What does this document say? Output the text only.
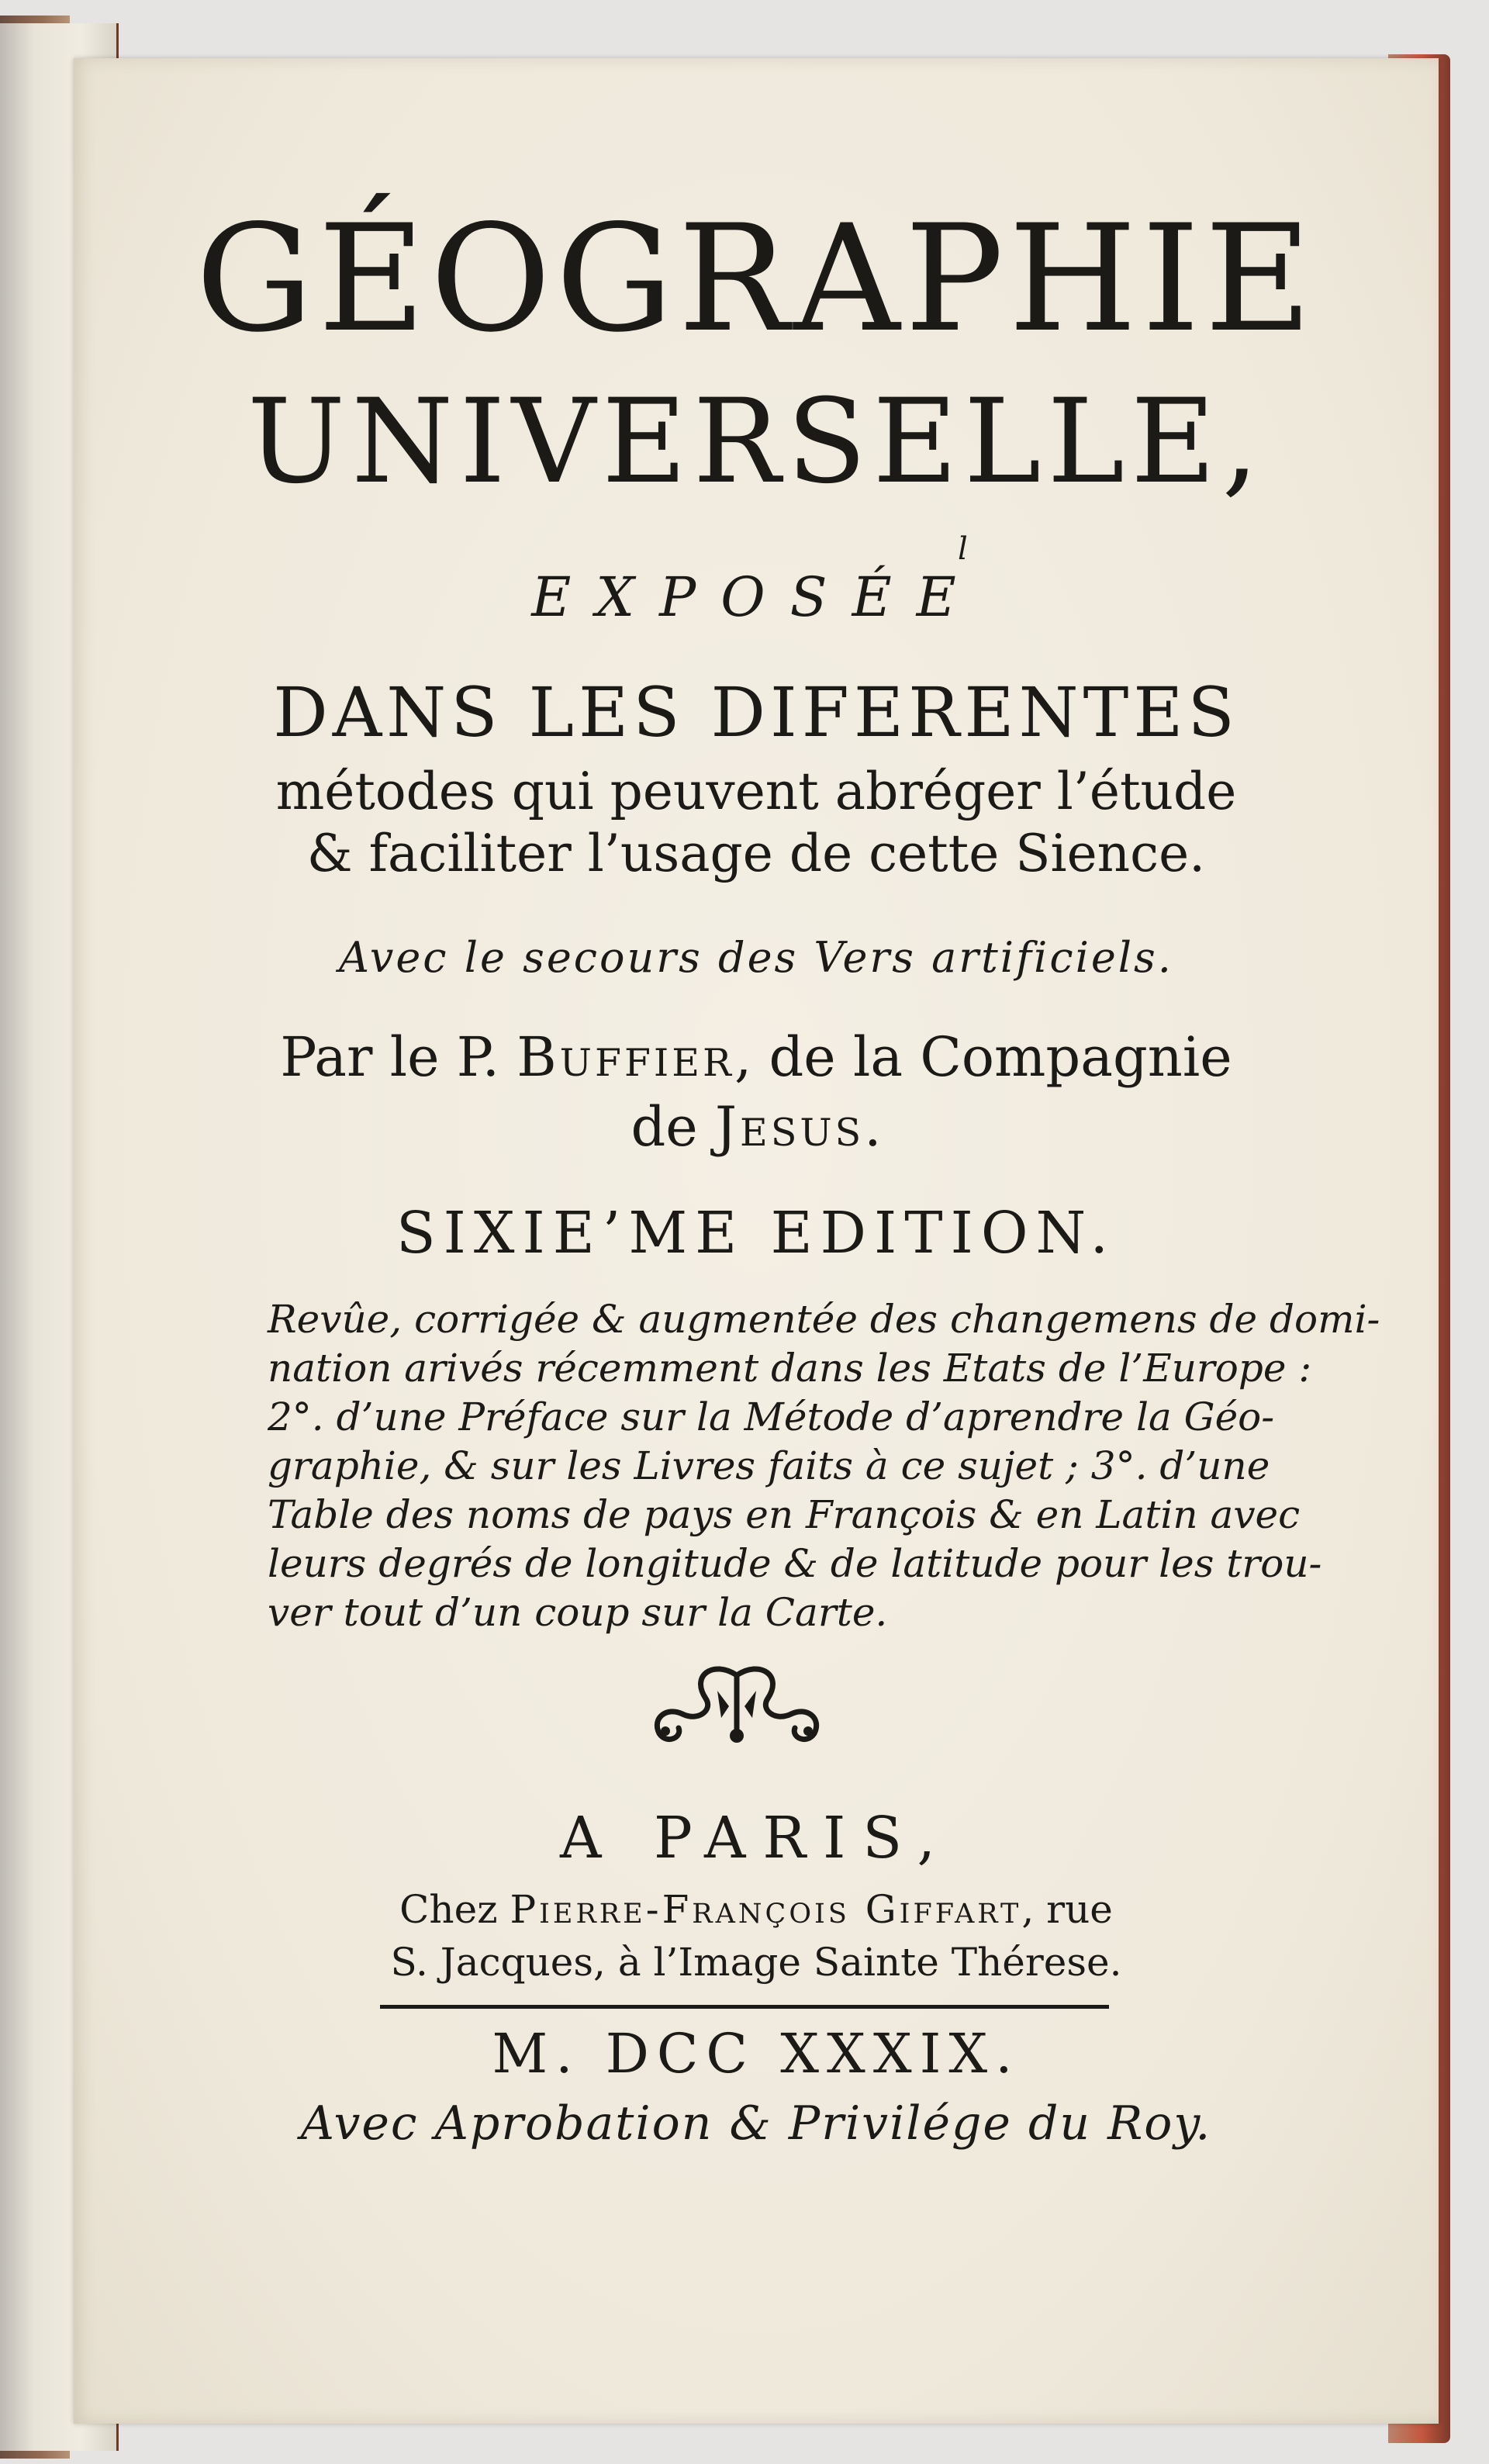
GÉOGRAPHIE
UNIVERSELLE,
l
EXPOSÉE
DANS LES DIFERENTES
métodes qui peuvent abréger l’étude
& faciliter l’usage de cette Sience.
Avec le secours des Vers artificiels.
Par le P. Buffier, de la Compagnie
de Jesus.
SIXIE’ME EDITION.
Revûe, corrigée & augmentée des changemens de domi-
nation arivés récemment dans les Etats de l’Europe :
2°. d’une Préface sur la Métode d’aprendre la Géo-
graphie, & sur les Livres faits à ce sujet ; 3°. d’une
Table des noms de pays en François & en Latin avec
leurs degrés de longitude & de latitude pour les trou-
ver tout d’un coup sur la Carte.
A PARIS,
Chez Pierre-François Giffart, rue
S. Jacques, à l’Image Sainte Thérese.
M. DCC XXXIX.
Avec Aprobation & Privilége du Roy.
